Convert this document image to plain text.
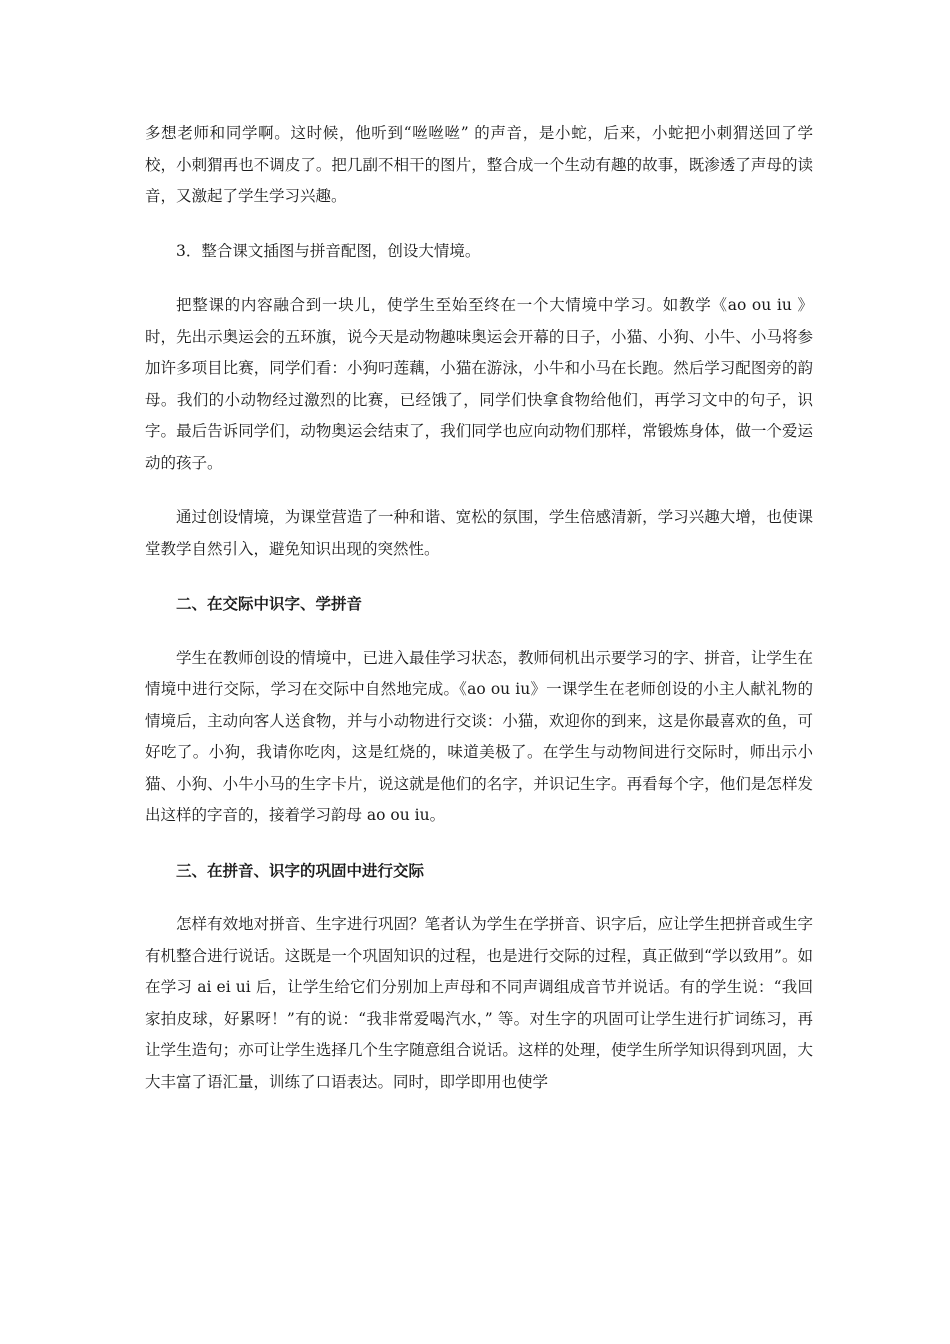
多想老师和同学啊。这时候，他听到“咝咝咝” 的声音，是小蛇，后来，小蛇把小刺猬送回了学校，小刺猬再也不调皮了。把几副不相干的图片，整合成一个生动有趣的故事，既渗透了声母的读音，又激起了学生学习兴趣。

3．整合课文插图与拼音配图，创设大情境。

把整课的内容融合到一块儿，使学生至始至终在一个大情境中学习。如教学《ao ou iu 》时，先出示奥运会的五环旗，说今天是动物趣味奥运会开幕的日子，小猫、小狗、小牛、小马将参加许多项目比赛，同学们看：小狗叼莲藕，小猫在游泳，小牛和小马在长跑。然后学习配图旁的韵母。我们的小动物经过激烈的比赛，已经饿了，同学们快拿食物给他们，再学习文中的句子，识字。最后告诉同学们，动物奥运会结束了，我们同学也应向动物们那样，常锻炼身体，做一个爱运动的孩子。

通过创设情境，为课堂营造了一种和谐、宽松的氛围，学生倍感清新，学习兴趣大增，也使课堂教学自然引入，避免知识出现的突然性。

二、在交际中识字、学拼音

学生在教师创设的情境中，已进入最佳学习状态，教师伺机出示要学习的字、拼音，让学生在情境中进行交际，学习在交际中自然地完成。《ao ou iu》一课学生在老师创设的小主人献礼物的情境后，主动向客人送食物，并与小动物进行交谈：小猫，欢迎你的到来，这是你最喜欢的鱼，可好吃了。小狗，我请你吃肉，这是红烧的，味道美极了。在学生与动物间进行交际时，师出示小猫、小狗、小牛小马的生字卡片，说这就是他们的名字，并识记生字。再看每个字，他们是怎样发出这样的字音的，接着学习韵母 ao ou iu。

三、在拼音、识字的巩固中进行交际

怎样有效地对拼音、生字进行巩固？笔者认为学生在学拼音、识字后，应让学生把拼音或生字有机整合进行说话。这既是一个巩固知识的过程，也是进行交际的过程，真正做到“学以致用”。如在学习 ai ei ui 后，让学生给它们分别加上声母和不同声调组成音节并说话。有的学生说：“我回家拍皮球，好累呀！”有的说：“我非常爱喝汽水，” 等。对生字的巩固可让学生进行扩词练习，再让学生造句；亦可让学生选择几个生字随意组合说话。这样的处理，使学生所学知识得到巩固，大大丰富了语汇量，训练了口语表达。同时，即学即用也使学
